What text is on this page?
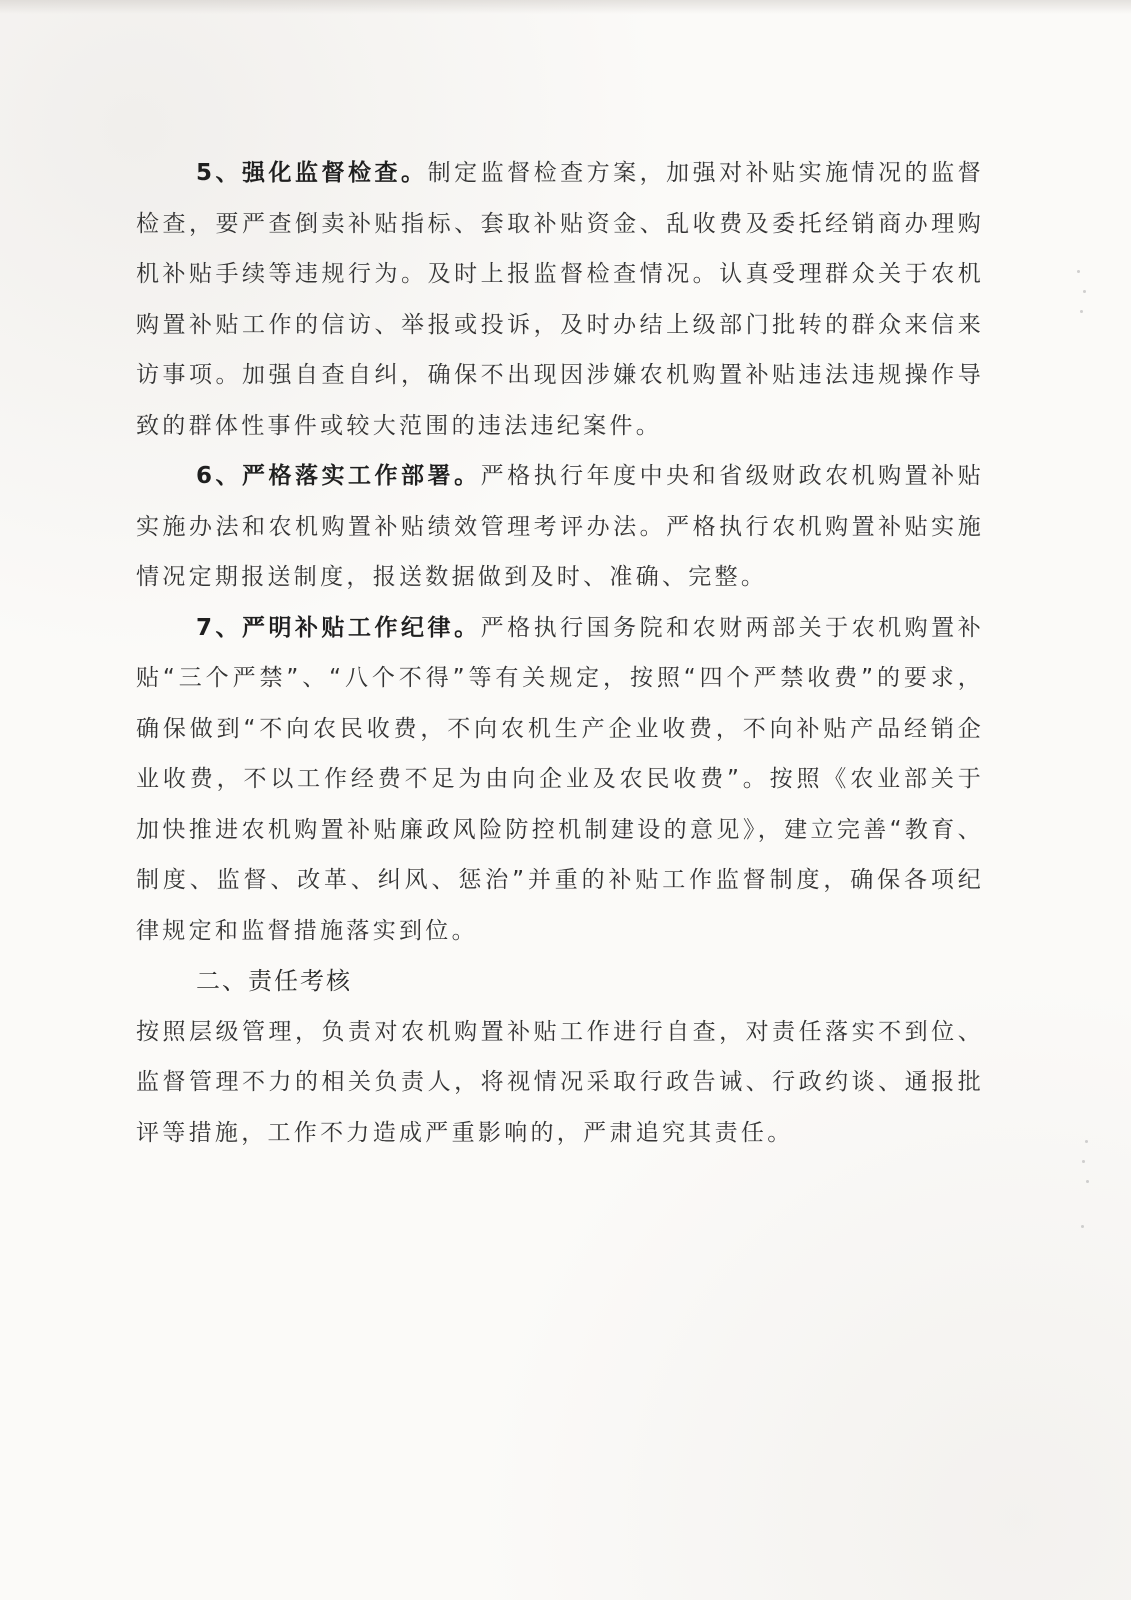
5、强化监督检查。制定监督检查方案，加强对补贴实施情况的监督检查，要严查倒卖补贴指标、套取补贴资金、乱收费及委托经销商办理购机补贴手续等违规行为。及时上报监督检查情况。认真受理群众关于农机购置补贴工作的信访、举报或投诉，及时办结上级部门批转的群众来信来访事项。加强自查自纠，确保不出现因涉嫌农机购置补贴违法违规操作导致的群体性事件或较大范围的违法违纪案件。

6、严格落实工作部署。严格执行年度中央和省级财政农机购置补贴实施办法和农机购置补贴绩效管理考评办法。严格执行农机购置补贴实施情况定期报送制度，报送数据做到及时、准确、完整。

7、严明补贴工作纪律。严格执行国务院和农财两部关于农机购置补贴“三个严禁”、“八个不得”等有关规定，按照“四个严禁收费”的要求，确保做到“不向农民收费，不向农机生产企业收费，不向补贴产品经销企业收费，不以工作经费不足为由向企业及农民收费”。按照《农业部关于加快推进农机购置补贴廉政风险防控机制建设的意见》，建立完善“教育、制度、监督、改革、纠风、惩治”并重的补贴工作监督制度，确保各项纪律规定和监督措施落实到位。

二、责任考核

按照层级管理，负责对农机购置补贴工作进行自查，对责任落实不到位、监督管理不力的相关负责人，将视情况采取行政告诫、行政约谈、通报批评等措施，工作不力造成严重影响的，严肃追究其责任。
